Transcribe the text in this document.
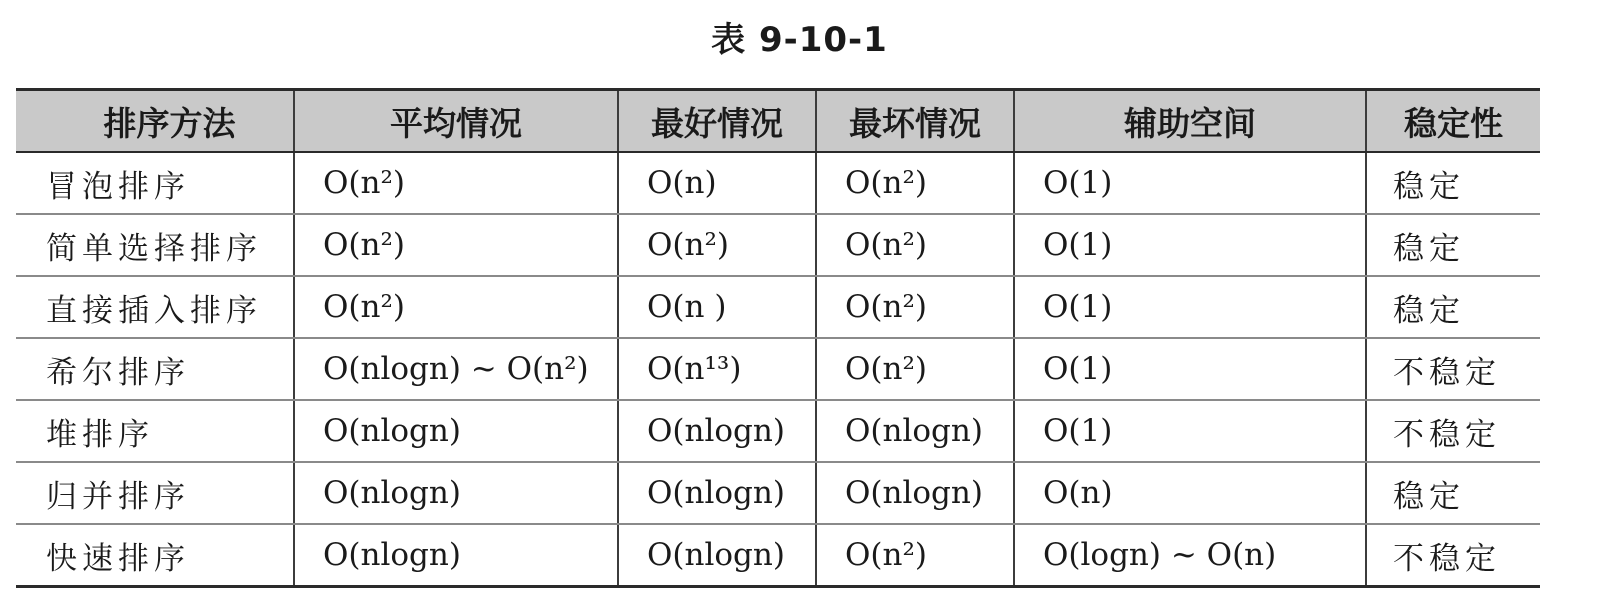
表 9-10-1
排序方法	平均情况	最好情况	最坏情况	辅助空间	稳定性
冒泡排序	O(n²)	O(n)	O(n²)	O(1)	稳定
简单选择排序	O(n²)	O(n²)	O(n²)	O(1)	稳定
直接插入排序	O(n²)	O(n )	O(n²)	O(1)	稳定
希尔排序	O(nlogn) ~ O(n²)	O(n¹³)	O(n²)	O(1)	不稳定
堆排序	O(nlogn)	O(nlogn)	O(nlogn)	O(1)	不稳定
归并排序	O(nlogn)	O(nlogn)	O(nlogn)	O(n)	稳定
快速排序	O(nlogn)	O(nlogn)	O(n²)	O(logn) ~ O(n)	不稳定
